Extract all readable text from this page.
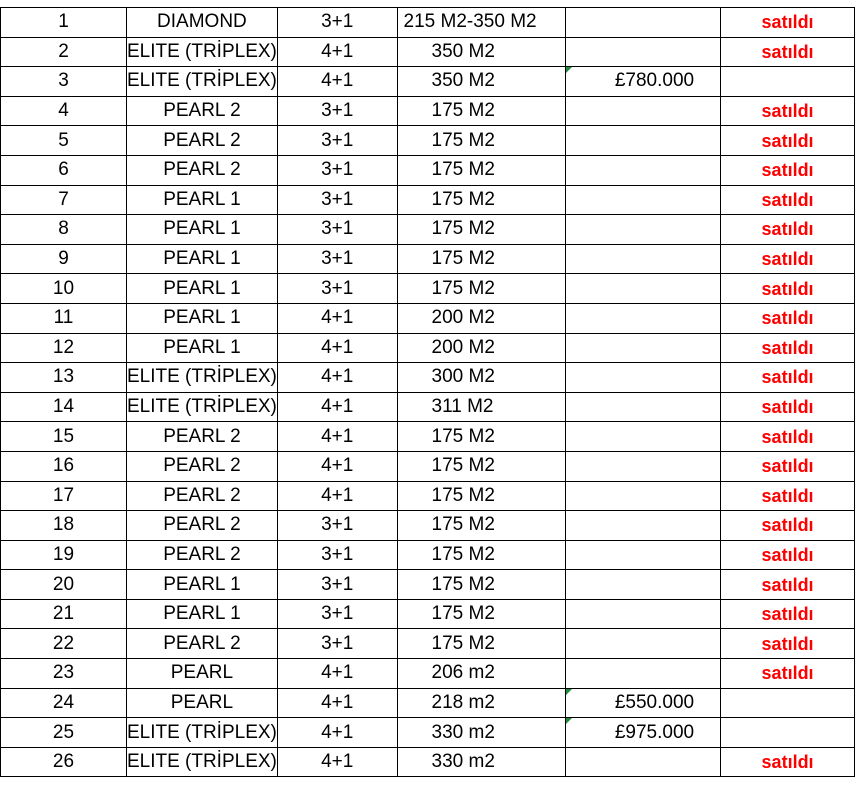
1	DIAMOND	3+1	215 M2-350 M2		satıldı
2	ELITE (TRİPLEX)	4+1	350 M2		satıldı
3	ELITE (TRİPLEX)	4+1	350 M2	£780.000

4	PEARL 2	3+1	175 M2		satıldı
5	PEARL 2	3+1	175 M2		satıldı
6	PEARL 2	3+1	175 M2		satıldı
7	PEARL 1	3+1	175 M2		satıldı
8	PEARL 1	3+1	175 M2		satıldı
9	PEARL 1	3+1	175 M2		satıldı
10	PEARL 1	3+1	175 M2		satıldı
11	PEARL 1	4+1	200 M2		satıldı
12	PEARL 1	4+1	200 M2		satıldı
13	ELITE (TRİPLEX)	4+1	300 M2		satıldı
14	ELITE (TRİPLEX)	4+1	311 M2		satıldı
15	PEARL 2	4+1	175 M2		satıldı
16	PEARL 2	4+1	175 M2		satıldı
17	PEARL 2	4+1	175 M2		satıldı
18	PEARL 2	3+1	175 M2		satıldı
19	PEARL 2	3+1	175 M2		satıldı
20	PEARL 1	3+1	175 M2		satıldı
21	PEARL 1	3+1	175 M2		satıldı
22	PEARL 2	3+1	175 M2		satıldı
23	PEARL	4+1	206 m2		satıldı
24	PEARL	4+1	218 m2	£550.000

25	ELITE (TRİPLEX)	4+1	330 m2	£975.000

26	ELITE (TRİPLEX)	4+1	330 m2		satıldı
